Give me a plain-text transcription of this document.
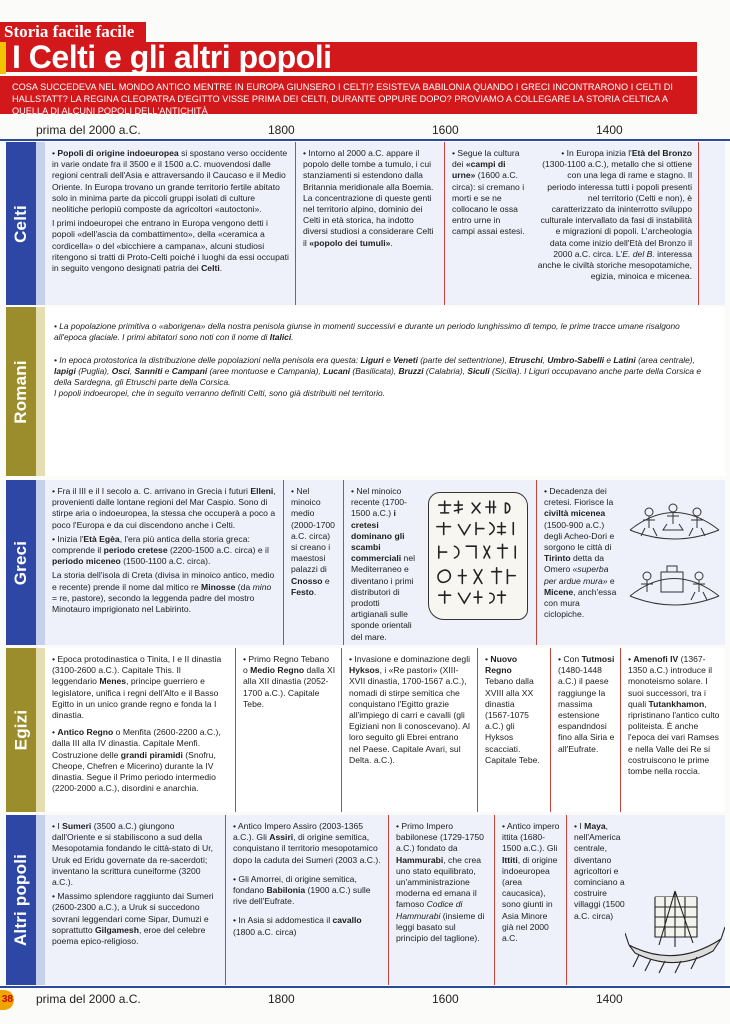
Storia facile facile
I Celti e gli altri popoli
COSA SUCCEDEVA NEL MONDO ANTICO MENTRE IN EUROPA GIUNSERO I CELTI? ESISTEVA BABILONIA QUANDO I GRECI INCONTRARONO I CELTI DI HALLSTATT? LA REGINA CLEOPATRA D'EGITTO VISSE PRIMA DEI CELTI, DURANTE OPPURE DOPO? PROVIAMO A COLLEGARE LA STORIA CELTICA A QUELLA DI ALCUNI POPOLI DELL'ANTICHITÀ
prima del 2000 a.C.	1800	1600	1400
Celti

• Popoli di origine indoeuropea si spostano verso occidente in varie ondate fra il 3500 e il 1500 a.C. muovendosi dalle regioni centrali dell'Asia e attraversando il Caucaso e il Medio Oriente. In Europa trovano un grande territorio fertile abitato solo in minima parte da piccoli gruppi isolati di culture neolitiche perlopiù composte da agricoltori «autoctoni».

I primi indoeuropei che entrano in Europa vengono detti i popoli «dell'ascia da combattimento», della «ceramica a cordicella» o del «bicchiere a campana», alcuni studiosi ritengono si tratti di Proto-Celti poiché i luoghi da essi occupati in seguito vengono designati patria dei Celti.

• Intorno al 2000 a.C. appare il popolo delle tombe a tumulo, i cui stanziamenti si estendono dalla Britannia meridionale alla Boemia. La concentrazione di queste genti nel territorio alpino, dominio dei Celti in età storica, ha indotto diversi studiosi a considerare Celti il «popolo dei tumuli».

• Segue la cultura dei «campi di urne» (1600 a.C. circa): si cremano i morti e se ne collocano le ossa entro urne in campi assai estesi.

• In Europa inizia l'Età del Bronzo (1300-1100 a.C.), metallo che si ottiene con una lega di rame e stagno. Il periodo interessa tutti i popoli presenti nel territorio (Celti e non), è caratterizzato da ininterrotto sviluppo culturale intervallato da fasi di instabilità e migrazioni di popoli. L'archeologia data come inizio dell'Età del Bronzo il 2000 a.C. circa. L'E. del B. interessa anche le civiltà storiche mesopotamiche, egizia, minoica e micenea.

Romani

• La popolazione primitiva o «aborigena» della nostra penisola giunse in momenti successivi e durante un periodo lunghissimo di tempo, le prime tracce umane risalgono all'epoca glaciale. I primi abitatori sono noti con il nome di Italici.

• In epoca protostorica la distribuzione delle popolazioni nella penisola era questa: Liguri e Veneti (parte del settentrione), Etruschi, Umbro-Sabelli e Latini (area centrale), Iapigi (Puglia), Osci, Sanniti e Campani (aree montuose e Campania), Lucani (Basilicata), Bruzzi (Calabria), Siculi (Sicilia). I Liguri occupavano anche parte della Corsica e della Sardegna, gli Etruschi parte della Corsica.

I popoli indoeuropei, che in seguito verranno definiti Celti, sono già distribuiti nel territorio.

Greci

• Fra il III e il I secolo a. C. arrivano in Grecia i futuri Elleni, provenienti dalle lontane regioni del Mar Caspio. Sono di stirpe aria o indoeuropea, la stessa che occuperà a poco a poco l'Europa e da cui discendono anche i Celti.

• Inizia l'Età Egèa, l'era più antica della storia greca: comprende il periodo cretese (2200-1500 a.C. circa) e il periodo miceneo (1500-1100 a.C. circa).

La storia dell'isola di Creta (divisa in minoico antico, medio e recente) prende il nome dal mitico re Minosse (da mino = re, pastore), secondo la leggenda padre del mostro Minotauro imprigionato nel Labirinto.

• Nel minoico medio (2000-1700 a.C. circa) si creano i maestosi palazzi di Cnosso e Festo.

• Nel minoico recente (1700-1500 a.C.) i cretesi dominano gli scambi commerciali nel Mediterraneo e diventano i primi distributori di prodotti artigianali sulle sponde orientali del mare.

• Decadenza dei cretesi. Fiorisce la civiltà micenea (1500-900 a.C.) degli Acheo-Dori e sorgono le città di Tirinto detta da Omero «superba per ardue mura» e Micene, anch'essa con mura ciclopiche.

Egizi

• Epoca protodinastica o Tinita, I e II dinastia (3100-2600 a.C.). Capitale This. Il leggendario Menes, principe guerriero e legislatore, unifica i regni dell'Alto e il Basso Egitto in un unico grande regno e fonda la I dinastia.

• Antico Regno o Menfita (2600-2200 a.C.), dalla III alla IV dinastia. Capitale Menfi. Costruzione delle grandi piramidi (Snofru, Cheope, Chefren e Micerino) durante la IV dinastia. Segue il Primo periodo intermedio (2200-2000 a.C.), disordini e anarchia.

• Primo Regno Tebano o Medio Regno dalla XI alla XII dinastia (2052-1700 a.C.). Capitale Tebe.

• Invasione e dominazione degli Hyksos, i «Re pastori» (XIII-XVII dinastia, 1700-1567 a.C.), nomadi di stirpe semitica che conquistano l'Egitto grazie all'impiego di carri e cavalli (gli Egiziani non li conoscevano). Al loro seguito gli Ebrei entrano nel Paese. Capitale Avari, sul Delta. a.C.).

• Nuovo Regno Tebano dalla XVIII alla XX dinastia (1567-1075 a.C.) gli Hyksos scacciati. Capitale Tebe.

• Con Tutmosi (1480-1448 a.C.) il paese raggiunge la massima estensione espandndosi fino alla Siria e all'Eufrate.

• Amenofi IV (1367-1350 a.C.) introduce il monoteismo solare. I suoi successori, tra i quali Tutankhamon, ripristinano l'antico culto politeista. È anche l'epoca dei vari Ramses e nella Valle dei Re si costruiscono le prime tombe nella roccia.

Altri popoli

• I Sumeri (3500 a.C.) giungono dall'Oriente e si stabiliscono a sud della Mesopotamia fondando le città-stato di Ur, Uruk ed Eridu governate da re-sacerdoti; inventano la scrittura cuneiforme (3200 a.C.).

• Massimo splendore raggiunto dai Sumeri (2600-2300 a.C.), a Uruk si succedono sovrani leggendari come Sipar, Dumuzi e soprattutto Gilgamesh, eroe del celebre poema epico-religioso.

• Antico Impero Assiro (2003-1365 a.C.). Gli Assiri, di origine semitica, conquistano il territorio mesopotamico dopo la caduta dei Sumeri (2003 a.C.).

• Gli Amorrei, di origine semitica, fondano Babilonia (1900 a.C.) sulle rive dell'Eufrate.

• In Asia si addomestica il cavallo (1800 a.C. circa)

• Primo Impero babilonese (1729-1750 a.C.) fondato da Hammurabi, che crea uno stato equilibrato, un'amministrazione moderna ed emana il famoso Codice di Hammurabi (insieme di leggi basato sul principio del taglione).

• Antico impero ittita (1680-1500 a.C.). Gli Ittiti, di origine indoeuropea (area caucasica), sono giunti in Asia Minore già nel 2000 a.C.

• I Maya, nell'America centrale, diventano agricoltori e cominciano a costruire villaggi (1500 a.C. circa)

prima del 2000 a.C.	1800	1600	1400
38
